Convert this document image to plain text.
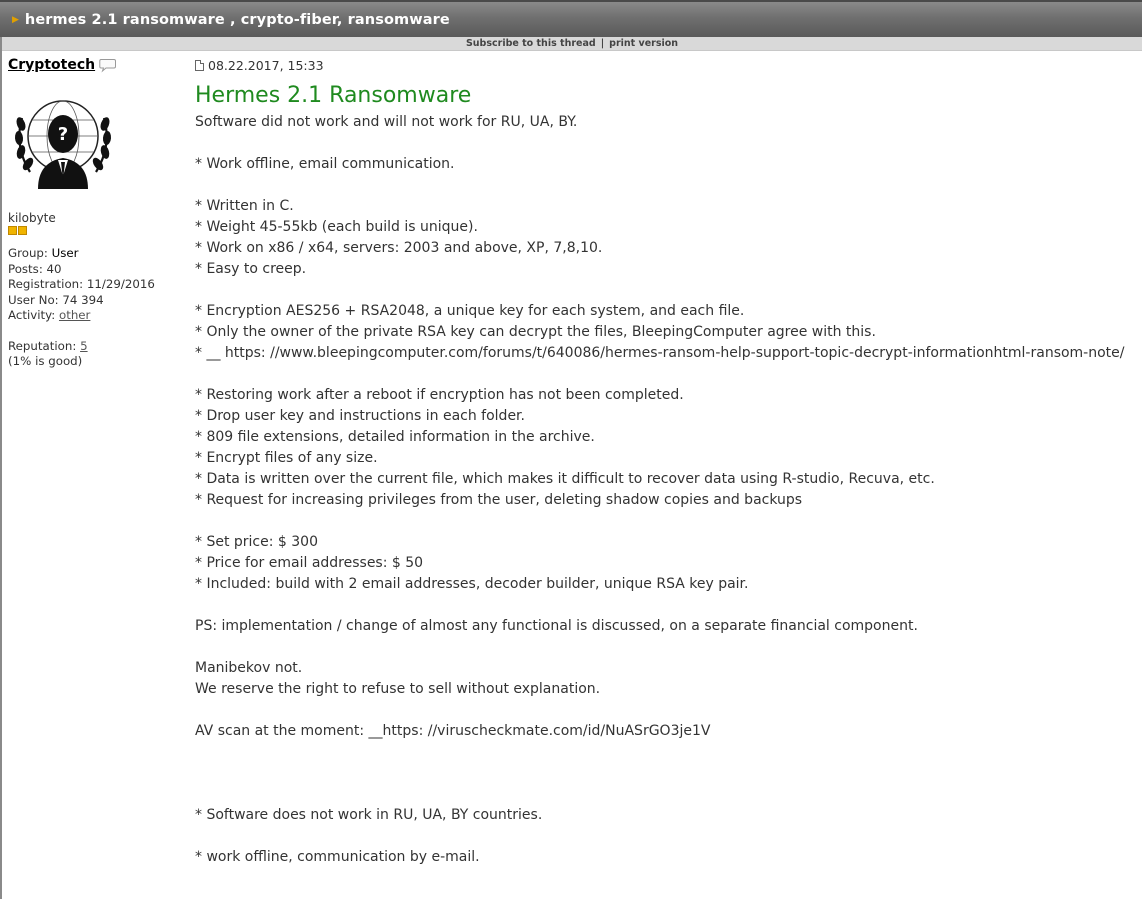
▶ hermes 2.1 ransomware , crypto-fiber, ransomware
Subscribe to this thread | print version
Cryptotech
?
kilobyte
Group: User
Posts: 40
Registration: 11/29/2016
User No: 74 394
Activity: other
Reputation: 5
(1% is good)
08.22.2017, 15:33
Hermes 2.1 Ransomware
Software did not work and will not work for RU, UA, BY.
* Work offline, email communication.
* Written in C.
* Weight 45-55kb (each build is unique).
* Work on x86 / x64, servers: 2003 and above, XP, 7,8,10.
* Easy to creep.
* Encryption AES256 + RSA2048, a unique key for each system, and each file.
* Only the owner of the private RSA key can decrypt the files, BleepingComputer agree with this.
* __ https: //www.bleepingcomputer.com/forums/t/640086/hermes-ransom-help-support-topic-decrypt-informationhtml-ransom-note/
* Restoring work after a reboot if encryption has not been completed.
* Drop user key and instructions in each folder.
* 809 file extensions, detailed information in the archive.
* Encrypt files of any size.
* Data is written over the current file, which makes it difficult to recover data using R-studio, Recuva, etc.
* Request for increasing privileges from the user, deleting shadow copies and backups
* Set price: $ 300
* Price for email addresses: $ 50
* Included: build with 2 email addresses, decoder builder, unique RSA key pair.
PS: implementation / change of almost any functional is discussed, on a separate financial component.
Manibekov not.
We reserve the right to refuse to sell without explanation.
AV scan at the moment: __https: //viruscheckmate.com/id/NuASrGO3je1V
* Software does not work in RU, UA, BY countries.
* work offline, communication by e-mail.
